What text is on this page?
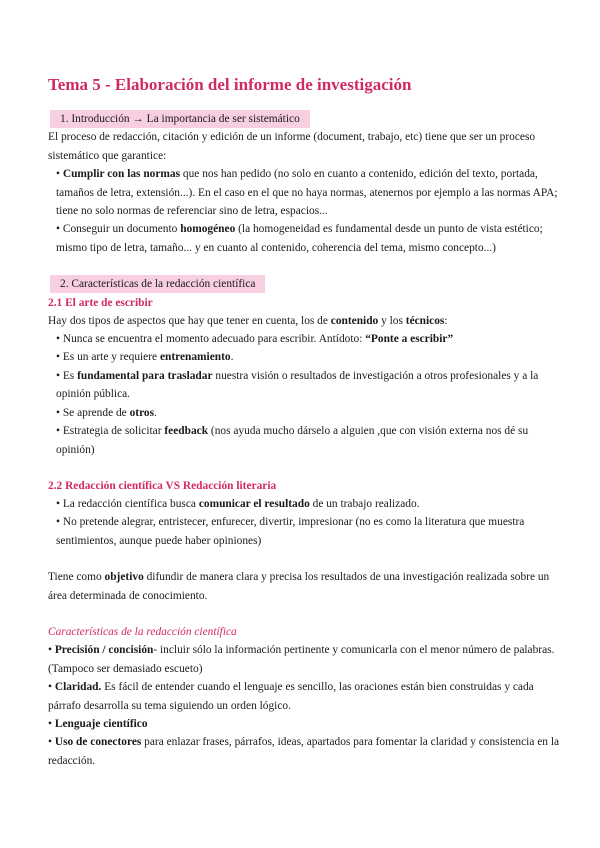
Tema 5 - Elaboración del informe de investigación
1. Introducción → La importancia de ser sistemático

El proceso de redacción, citación y edición de un informe (document, trabajo, etc) tiene que ser un proceso sistemático que garantice:

• Cumplir con las normas que nos han pedido (no solo en cuanto a contenido, edición del texto, portada, tamaños de letra, extensión...). En el caso en el que no haya normas, atenernos por ejemplo a las normas APA; tiene no solo normas de referenciar sino de letra, espacios...

• Conseguir un documento homogéneo (la homogeneidad es fundamental desde un punto de vista estético; mismo tipo de letra, tamaño... y en cuanto al contenido, coherencia del tema, mismo concepto...)

2. Características de la redacción científica
2.1 El arte de escribir

Hay dos tipos de aspectos que hay que tener en cuenta, los de contenido y los técnicos:

• Nunca se encuentra el momento adecuado para escribir. Antídoto: “Ponte a escribir”

• Es un arte y requiere entrenamiento.

• Es fundamental para trasladar nuestra visión o resultados de investigación a otros profesionales y a la opinión pública.

• Se aprende de otros.

• Estrategia de solicitar feedback (nos ayuda mucho dárselo a alguien ,que con visión externa nos dé su opinión)

2.2 Redacción científica VS Redacción literaria

• La redacción científica busca comunicar el resultado de un trabajo realizado.

• No pretende alegrar, entristecer, enfurecer, divertir, impresionar (no es como la literatura que muestra sentimientos, aunque puede haber opiniones)

Tiene como objetivo difundir de manera clara y precisa los resultados de una investigación realizada sobre un área determinada de conocimiento.

Características de la redacción científica

• Precisión / concisión- incluir sólo la información pertinente y comunicarla con el menor número de palabras. (Tampoco ser demasiado escueto)

• Claridad. Es fácil de entender cuando el lenguaje es sencillo, las oraciones están bien construidas y cada párrafo desarrolla su tema siguiendo un orden lógico.

• Lenguaje científico

• Uso de conectores para enlazar frases, párrafos, ideas, apartados para fomentar la claridad y consistencia en la redacción.
